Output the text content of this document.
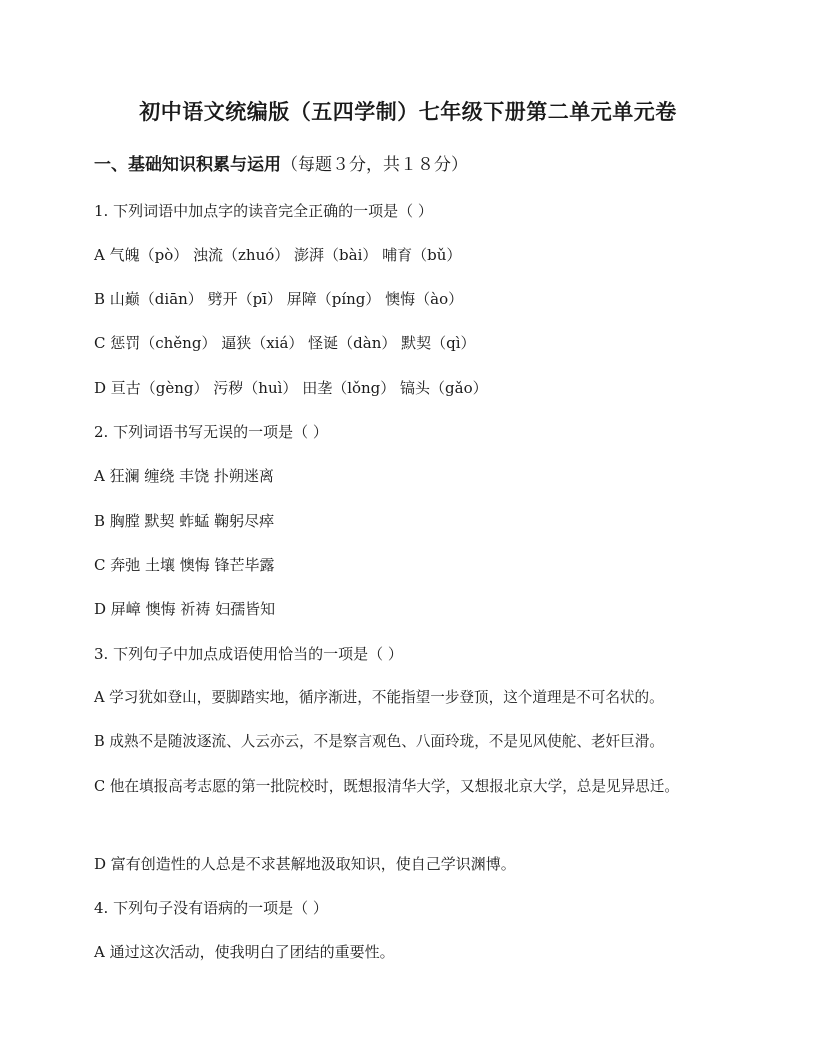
初中语文统编版（五四学制）七年级下册第二单元单元卷
一、基础知识积累与运用（每题３分，共１８分）
1. 下列词语中加点字的读音完全正确的一项是（ ）
A 气魄（pò） 浊流（zhuó） 澎湃（bài） 哺育（bǔ）
B 山巅（diān） 劈开（pī） 屏障（píng） 懊悔（ào）
C 惩罚（chěng） 逼狭（xiá） 怪诞（dàn） 默契（qì）
D 亘古（gèng） 污秽（huì） 田垄（lǒng） 镐头（gǎo）
2. 下列词语书写无误的一项是（ ）
A 狂澜 缠绕 丰饶 扑朔迷离
B 胸膛 默契 蚱蜢 鞠躬尽瘁
C 奔弛 土壤 懊悔 锋芒毕露
D 屏嶂 懊悔 祈祷 妇孺皆知
3. 下列句子中加点成语使用恰当的一项是（ ）
A 学习犹如登山，要脚踏实地，循序渐进，不能指望一步登顶，这个道理是不可名状的。
B 成熟不是随波逐流、人云亦云，不是察言观色、八面玲珑，不是见风使舵、老奸巨滑。
C 他在填报高考志愿的第一批院校时，既想报清华大学，又想报北京大学，总是见异思迁。
D 富有创造性的人总是不求甚解地汲取知识，使自己学识渊博。
4. 下列句子没有语病的一项是（ ）
A 通过这次活动，使我明白了团结的重要性。
